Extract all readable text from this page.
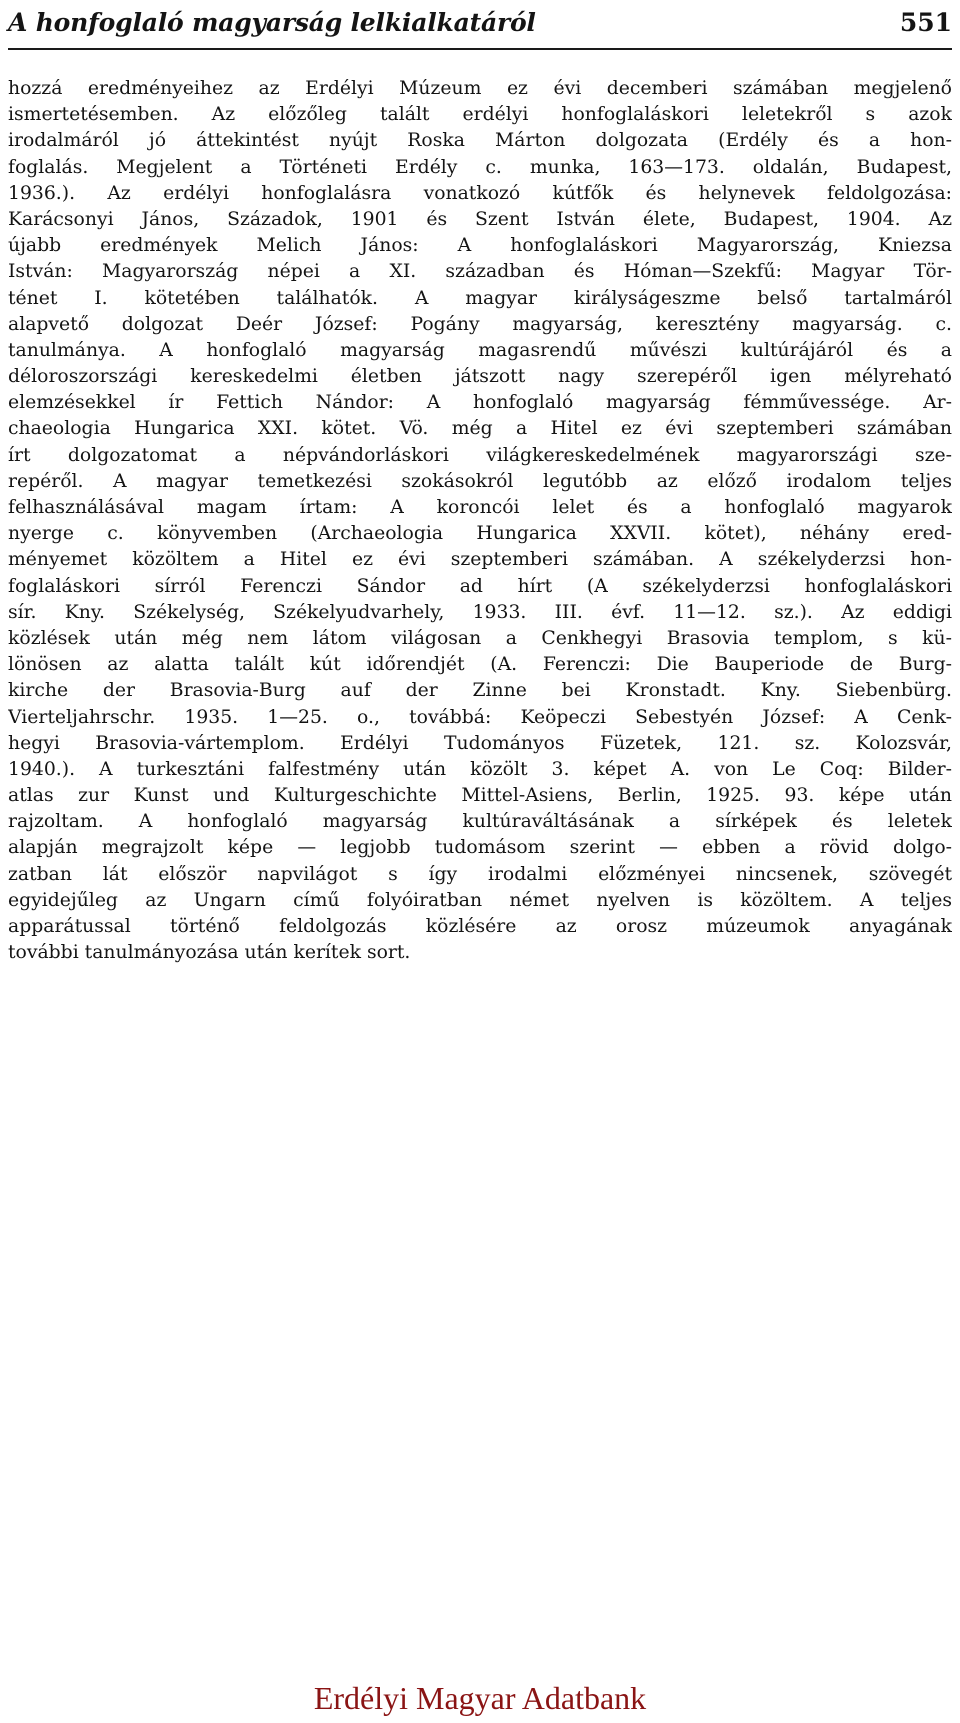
A honfoglaló magyarság lelkialkatáról	551
hozzá eredményeihez az Erdélyi Múzeum ez évi decemberi számában megjelenő
ismertetésemben. Az előzőleg talált erdélyi honfoglaláskori leletekről s azok
irodalmáról jó áttekintést nyújt Roska Márton dolgozata (Erdély és a hon-
foglalás. Megjelent a Történeti Erdély c. munka, 163—173. oldalán, Budapest,
1936.). Az erdélyi honfoglalásra vonatkozó kútfők és helynevek feldolgozása:
Karácsonyi János, Századok, 1901 és Szent István élete, Budapest, 1904. Az
újabb eredmények Melich János: A honfoglaláskori Magyarország, Kniezsa
István: Magyarország népei a XI. században és Hóman—Szekfű: Magyar Tör-
ténet I. kötetében találhatók. A magyar királyságeszme belső tartalmáról
alapvető dolgozat Deér József: Pogány magyarság, keresztény magyarság. c.
tanulmánya. A honfoglaló magyarság magasrendű művészi kultúrájáról és a
déloroszországi kereskedelmi életben játszott nagy szerepéről igen mélyreható
elemzésekkel ír Fettich Nándor: A honfoglaló magyarság fémművessége. Ar-
chaeologia Hungarica XXI. kötet. Vö. még a Hitel ez évi szeptemberi számában
írt dolgozatomat a népvándorláskori világkereskedelmének magyarországi sze-
repéről. A magyar temetkezési szokásokról legutóbb az előző irodalom teljes
felhasználásával magam írtam: A koroncói lelet és a honfoglaló magyarok
nyerge c. könyvemben (Archaeologia Hungarica XXVII. kötet), néhány ered-
ményemet közöltem a Hitel ez évi szeptemberi számában. A székelyderzsi hon-
foglaláskori sírról Ferenczi Sándor ad hírt (A székelyderzsi honfoglaláskori
sír. Kny. Székelység, Székelyudvarhely, 1933. III. évf. 11—12. sz.). Az eddigi
közlések után még nem látom világosan a Cenkhegyi Brasovia templom, s kü-
lönösen az alatta talált kút időrendjét (A. Ferenczi: Die Bauperiode de Burg-
kirche der Brasovia-Burg auf der Zinne bei Kronstadt. Kny. Siebenbürg.
Vierteljahrschr. 1935. 1—25. o., továbbá: Keöpeczi Sebestyén József: A Cenk-
hegyi Brasovia-vártemplom. Erdélyi Tudományos Füzetek, 121. sz. Kolozsvár,
1940.). A turkesztáni falfestmény után közölt 3. képet A. von Le Coq: Bilder-
atlas zur Kunst und Kulturgeschichte Mittel-Asiens, Berlin, 1925. 93. képe után
rajzoltam. A honfoglaló magyarság kultúraváltásának a sírképek és leletek
alapján megrajzolt képe — legjobb tudomásom szerint — ebben a rövid dolgo-
zatban lát először napvilágot s így irodalmi előzményei nincsenek, szövegét
egyidejűleg az Ungarn című folyóiratban német nyelven is közöltem. A teljes
apparátussal történő feldolgozás közlésére az orosz múzeumok anyagának
további tanulmányozása után kerítek sort.
Erdélyi Magyar Adatbank
